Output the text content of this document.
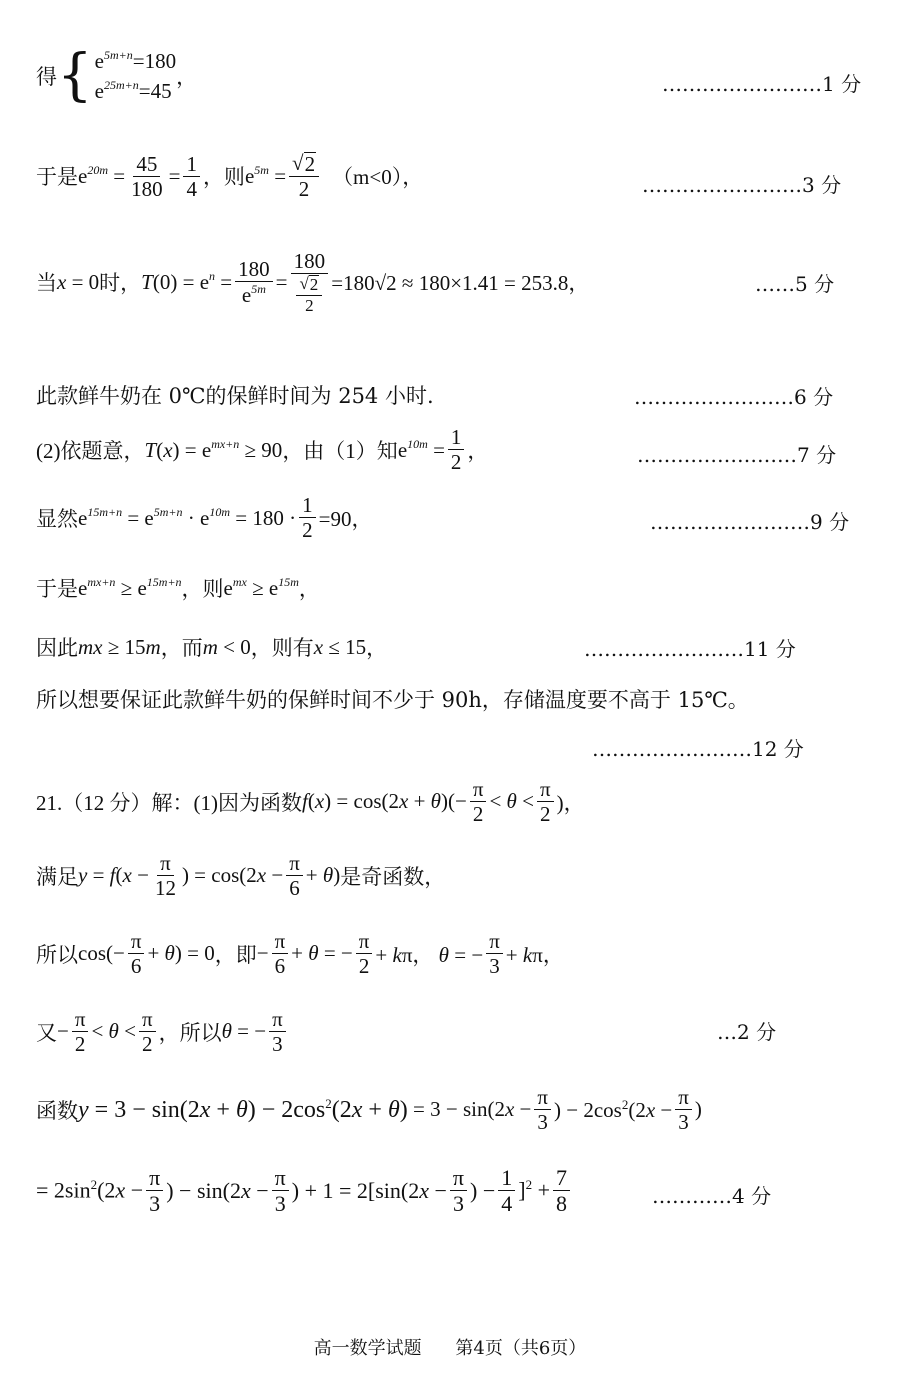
得 { $e^{5m+n}=180$
$e^{25m+n}=45$
，	……………………1 分
于是 $e^{20m} = \frac{45}{180} = \frac{1}{4}$ ，则 $e^{5m} = \frac{√ 2}{2} (m<0)$，	……………………3 分
当 x = 0 时， $T(0) = e^n = \frac{180}{e^{5m}} = \frac{180}{\frac{√ 2}{2}} =180√2 \approx 180\times 1.41 = 253.8$，	……5 分
此款鲜牛奶在 0℃的保鲜时间为 254 小时.	……………………6 分
(2)依题意， $T(x) = e^{mx+n} \ge 90$ ，由（1）知 $e^{10m} = \frac{1}{2}$ ，	……………………7 分
显然 $e^{15m+n} = e^{5m+n} \cdot e^{10m} = 180 \cdot \frac{1}{2} =90$，	……………………9 分
于是 $e^{mx+n} \ge e^{15m+n}$ ，则 $e^{mx} \ge e^{15m}$ ，
因此 mx ≥ 15m ，而 m < 0 ，则有 x ≤ 15 ，	……………………11 分
所以想要保证此款鲜牛奶的保鲜时间不少于 90h，存储温度要不高于 15℃。
……………………12 分
21.（12 分）解：(1)因为函数 $f(x) = \cos(2x + \theta)(- \frac{\pi}{2} < \theta < \frac{\pi}{2}$ )，
满足 $y = f(x - \frac{\pi}{12}$ ) = $\cos(2x - \frac{\pi}{6} + \theta)$ 是奇函数，
所以 $\cos(- \frac{\pi}{6} + \theta) = 0$ ，即 − $\frac{\pi}{6} + \theta$ = − $\frac{\pi}{2} + k\pi$， θ = − $\frac{\pi}{3} + k\pi$，
又 − $\frac{\pi}{2} < \theta < \frac{\pi}{2}$ ，所以 θ = − $\frac{\pi}{3}$	…2 分
函数 $y = 3 - \sin(2x + \theta) - 2\cos^2(2x + \theta) = 3 - \sin(2x - \frac{\pi}{3}$ ) − $2\cos^2(2x - \frac{\pi}{3}$ )
= $2\sin^2(2x - \frac{\pi}{3}$ ) − $\sin(2x - \frac{\pi}{3}$ ) + $1 = 2[\sin(2x - \frac{\pi}{3}$ ) − $\frac{1}{4} ]^2 + \frac{7}{8}$	…………4 分
高一数学试题 第4页（共6页）
